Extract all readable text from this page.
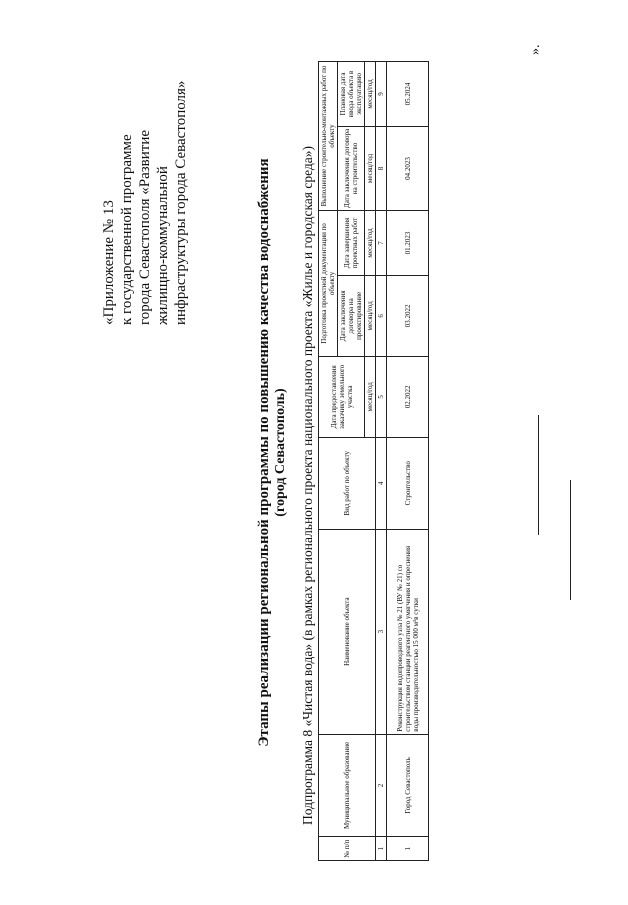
«Приложение № 13 к государственной программе города Севастополя «Развитие жилищно-коммунальной инфраструктуры города Севастополя»	Этапы реализации региональной программы по повышению качества водоснабжения (город Севастополь) Подпрограмма 8 «Чистая вода» (в рамках регионального проекта национального проекта «Жилье и городская среда»)
№ п/п	Муниципальное образование	Наименование объекта	Вид работ по объекту	Дата предоставления заказчику земельного участка	Подготовка проектной документации по объекту		Выполнение строительно-монтажных работ по объекту	
					Дата заключения договора на проектирование	Дата завершения проектных работ	Дата заключения договора на строительство	Плановая дата ввода объекта в эксплуатацию
				месяц/год	месяц/год	месяц/год	месяц/год	месяц/год
1	2	3	4	5	6	7	8	9
1	Город Севастополь	Реконструкция водопроводного узла № 21 (ВУ № 21) со строительством станции реагентного умягчения и опреснения воды производительностью 15 000 м³в сутки	Строительство	02.2022	03.2022	01.2023	04.2023	05.2024
».
